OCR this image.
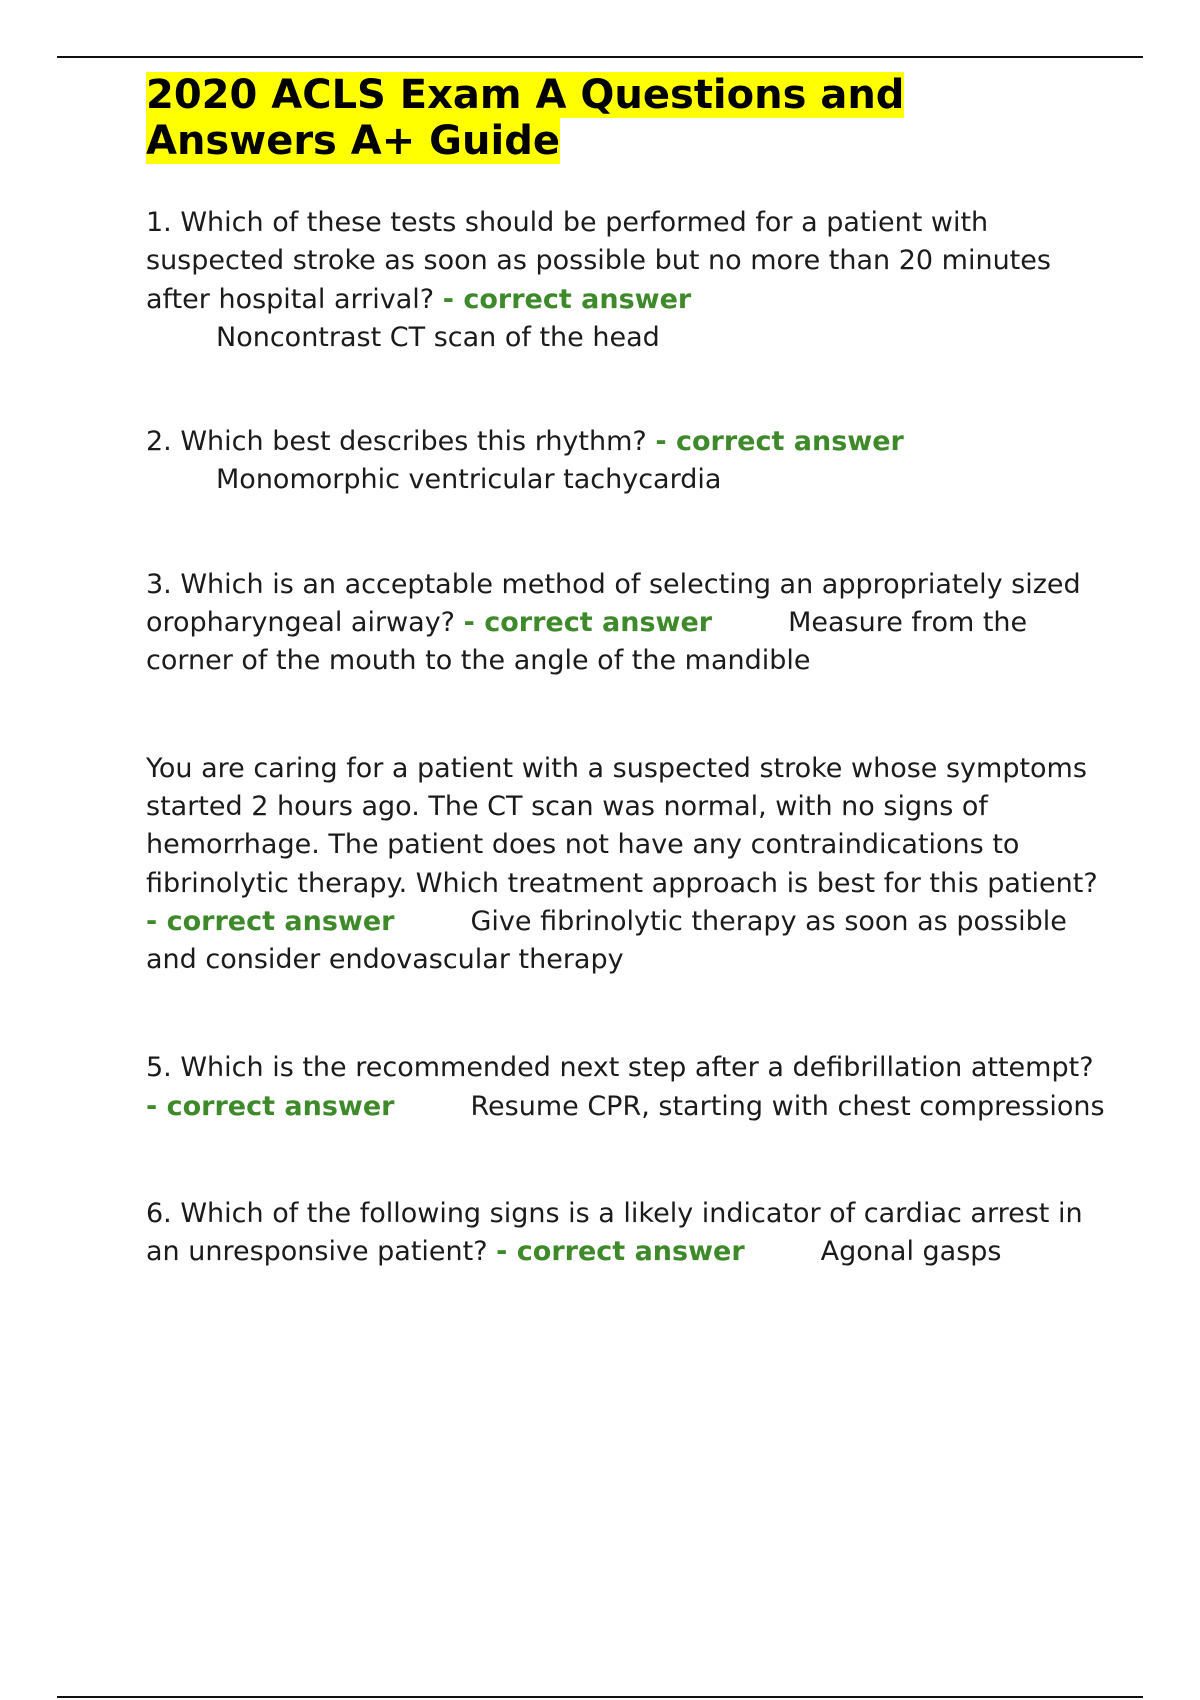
2020 ACLS Exam A Questions and
Answers A+ Guide

1. Which of these tests should be performed for a patient with suspected stroke as soon as possible but no more than 20 minutes after hospital arrival? - correct answer
Noncontrast CT scan of the head

2. Which best describes this rhythm? - correct answer
Monomorphic ventricular tachycardia

3. Which is an acceptable method of selecting an appropriately sized oropharyngeal airway? - correct answer	Measure from the corner of the mouth to the angle of the mandible

You are caring for a patient with a suspected stroke whose symptoms started 2 hours ago. The CT scan was normal, with no signs of hemorrhage. The patient does not have any contraindications to fibrinolytic therapy. Which treatment approach is best for this patient? - correct answer	Give fibrinolytic therapy as soon as possible and consider endovascular therapy

5. Which is the recommended next step after a defibrillation attempt? - correct answer	Resume CPR, starting with chest compressions

6. Which of the following signs is a likely indicator of cardiac arrest in an unresponsive patient? - correct answer	Agonal gasps
